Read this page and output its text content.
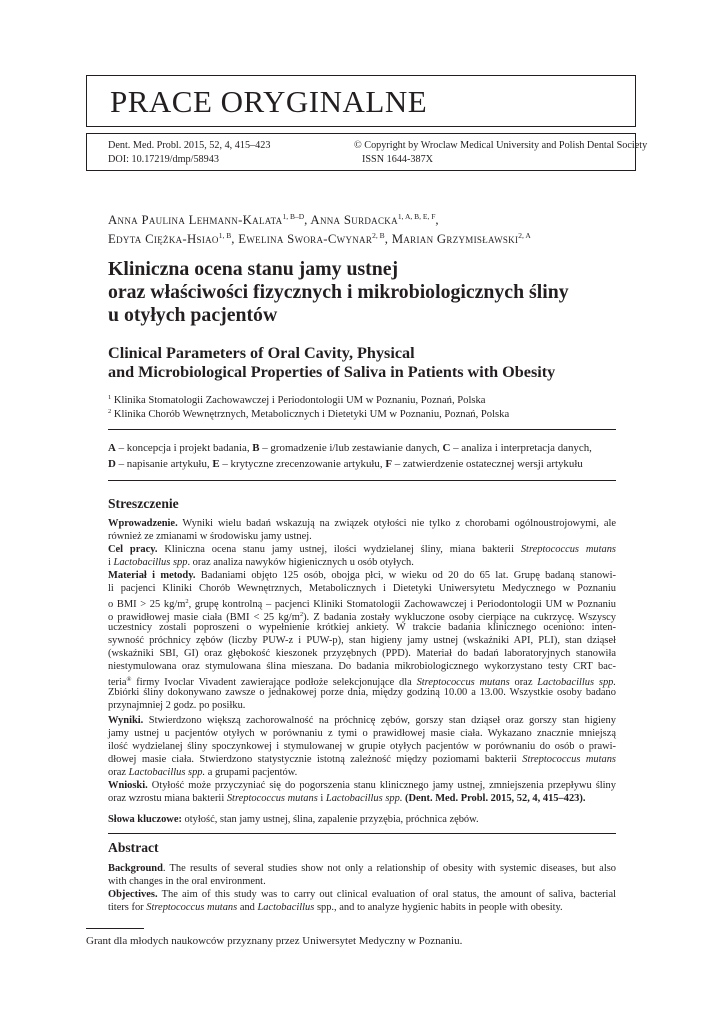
PRACE ORYGINALNE
Dent. Med. Probl. 2015, 52, 4, 415–423
DOI: 10.17219/dmp/58943
© Copyright by Wroclaw Medical University and Polish Dental Society
ISSN 1644-387X
Anna Paulina Lehmann-Kalata$^{1, B-D}$, Anna Surdacka$^{1, A, B, E, F}$,
Edyta Ciężka-Hsiao$^{1, B}$, Ewelina Swora-Cwynar$^{2, B}$, Marian Grzymisławski$^{2, A}$
Kliniczna ocena stanu jamy ustnej
oraz właściwości fizycznych i mikrobiologicznych śliny
u otyłych pacjentów
Clinical Parameters of Oral Cavity, Physical
and Microbiological Properties of Saliva in Patients with Obesity
$^1$ Klinika Stomatologii Zachowawczej i Periodontologii UM w Poznaniu, Poznań, Polska
$^2$ Klinika Chorób Wewnętrznych, Metabolicznych i Dietetyki UM w Poznaniu, Poznań, Polska
A – koncepcja i projekt badania, B – gromadzenie i/lub zestawianie danych, C – analiza i interpretacja danych,
D – napisanie artykułu, E – krytyczne zrecenzowanie artykułu, F – zatwierdzenie ostatecznej wersji artykułu
Streszczenie
Wprowadzenie. Wyniki wielu badań wskazują na związek otyłości nie tylko z chorobami ogólnoustrojowymi, ale
również ze zmianami w środowisku jamy ustnej.
Cel pracy. Kliniczna ocena stanu jamy ustnej, ilości wydzielanej śliny, miana bakterii Streptococcus mutans
i Lactobacillus spp. oraz analiza nawyków higienicznych u osób otyłych.
Materiał i metody. Badaniami objęto 125 osób, obojga płci, w wieku od 20 do 65 lat. Grupę badaną stanowi-
li pacjenci Kliniki Chorób Wewnętrznych, Metabolicznych i Dietetyki Uniwersytetu Medycznego w Poznaniu
o BMI > 25 $kg/m^2$, grupę kontrolną – pacjenci Kliniki Stomatologii Zachowawczej i Periodontologii UM w Poznaniu
o prawidłowej masie ciała (BMI < 25 $kg/m^2$). Z badania zostały wykluczone osoby cierpiące na cukrzycę. Wszyscy
uczestnicy zostali poproszeni o wypełnienie krótkiej ankiety. W trakcie badania klinicznego oceniono: inten-
sywność próchnicy zębów (liczby PUW-z i PUW-p), stan higieny jamy ustnej (wskaźniki API, PLI), stan dziąseł
(wskaźniki SBI, GI) oraz głębokość kieszonek przyzębnych (PPD). Materiał do badań laboratoryjnych stanowiła
niestymulowana oraz stymulowana ślina mieszana. Do badania mikrobiologicznego wykorzystano testy CRT bac-
teria® firmy Ivoclar Vivadent zawierające podłoże selekcjonujące dla Streptococcus mutans oraz Lactobacillus spp.
Zbiórki śliny dokonywano zawsze o jednakowej porze dnia, między godziną 10.00 a 13.00. Wszystkie osoby badano
przynajmniej 2 godz. po posiłku.
Wyniki. Stwierdzono większą zachorowalność na próchnicę zębów, gorszy stan dziąseł oraz gorszy stan higieny
jamy ustnej u pacjentów otyłych w porównaniu z tymi o prawidłowej masie ciała. Wykazano znacznie mniejszą
ilość wydzielanej śliny spoczynkowej i stymulowanej w grupie otyłych pacjentów w porównaniu do osób o prawi-
dłowej masie ciała. Stwierdzono statystycznie istotną zależność między poziomami bakterii Streptococcus mutans
oraz Lactobacillus spp. a grupami pacjentów.
Wnioski. Otyłość może przyczyniać się do pogorszenia stanu klinicznego jamy ustnej, zmniejszenia przepływu śliny
oraz wzrostu miana bakterii Streptococcus mutans i Lactobacillus spp. (Dent. Med. Probl. 2015, 52, 4, 415–423).
Słowa kluczowe: otyłość, stan jamy ustnej, ślina, zapalenie przyzębia, próchnica zębów.
Abstract
Background. The results of several studies show not only a relationship of obesity with systemic diseases, but also
with changes in the oral environment.
Objectives. The aim of this study was to carry out clinical evaluation of oral status, the amount of saliva, bacterial
titers for Streptococcus mutans and Lactobacillus spp., and to analyze hygienic habits in people with obesity.
Grant dla młodych naukowców przyznany przez Uniwersytet Medyczny w Poznaniu.
